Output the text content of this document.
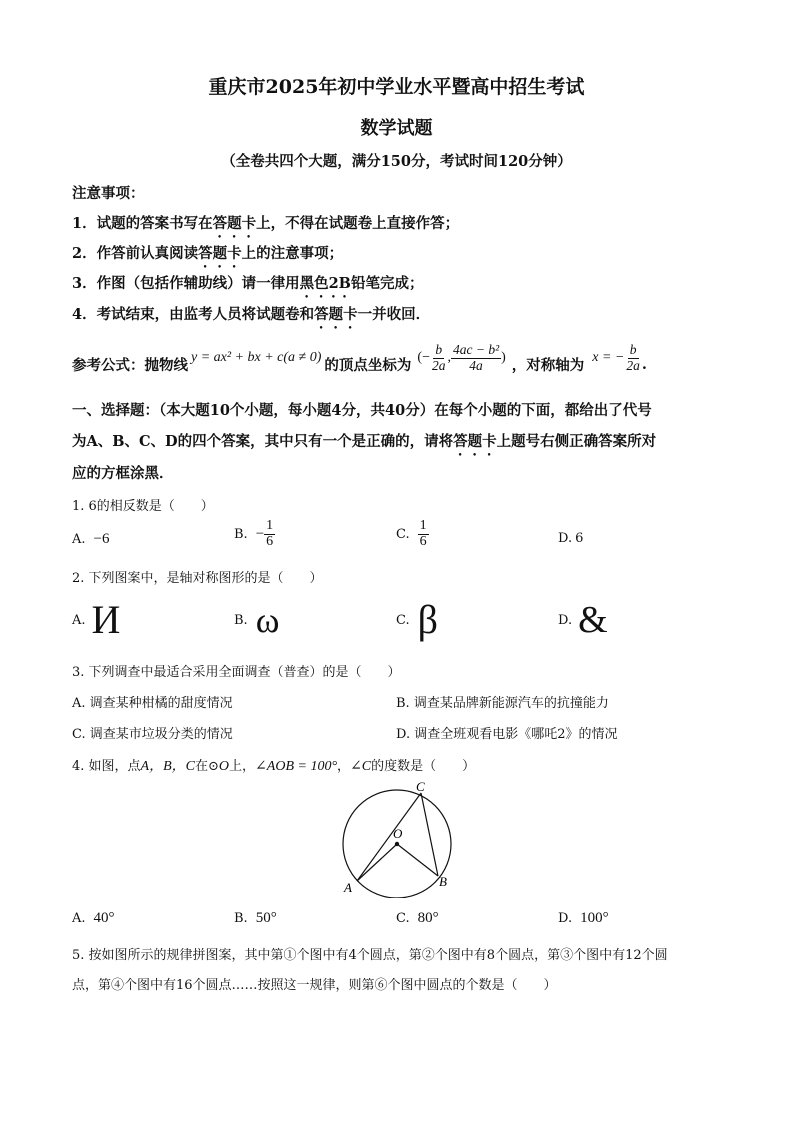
重庆市2025年初中学业水平暨高中招生考试
数学试题
（全卷共四个大题，满分150分，考试时间120分钟）
注意事项：
1．试题的答案书写在答题卡上，不得在试题卷上直接作答；
2．作答前认真阅读答题卡上的注意事项；
3．作图（包括作辅助线）请一律用黑色2B铅笔完成；
4．考试结束，由监考人员将试题卷和答题卡一并收回．
参考公式：抛物线 y = ax² + bx + c(a ≠ 0) 的顶点坐标为 (− $\frac{b}{2a}$ , $\frac{\text{4ac − b²}}{4a}$ ) ，对称轴为 x = − $\frac{b}{2a}$ .
一、选择题：（本大题10个小题，每小题4分，共40分）在每个小题的下面，都给出了代号
为A、B、C、D的四个答案，其中只有一个是正确的，请将答题卡上题号右侧正确答案所对
应的方框涂黑．
1. 6的相反数是（　　）
A. −6	B. − $\frac{1}{6}$	C. $\frac{1}{6}$	D. 6
2. 下列图案中，是轴对称图形的是（　　）
A. И	B. ω	C. β	D. &
3. 下列调查中最适合采用全面调查（普查）的是（　　）
A. 调查某种柑橘的甜度情况	B. 调查某品牌新能源汽车的抗撞能力
C. 调查某市垃圾分类的情况	D. 调查全班观看电影《哪吒2》的情况
4. 如图，点A，B，C在⊙O上，∠AOB = 100°，∠C的度数是（　　）
C
O
A	B
A. 40°	B. 50°	C. 80°	D. 100°
5. 按如图所示的规律拼图案，其中第①个图中有4个圆点，第②个图中有8个圆点，第③个图中有12个圆
点，第④个图中有16个圆点……按照这一规律，则第⑥个图中圆点的个数是（　　）
